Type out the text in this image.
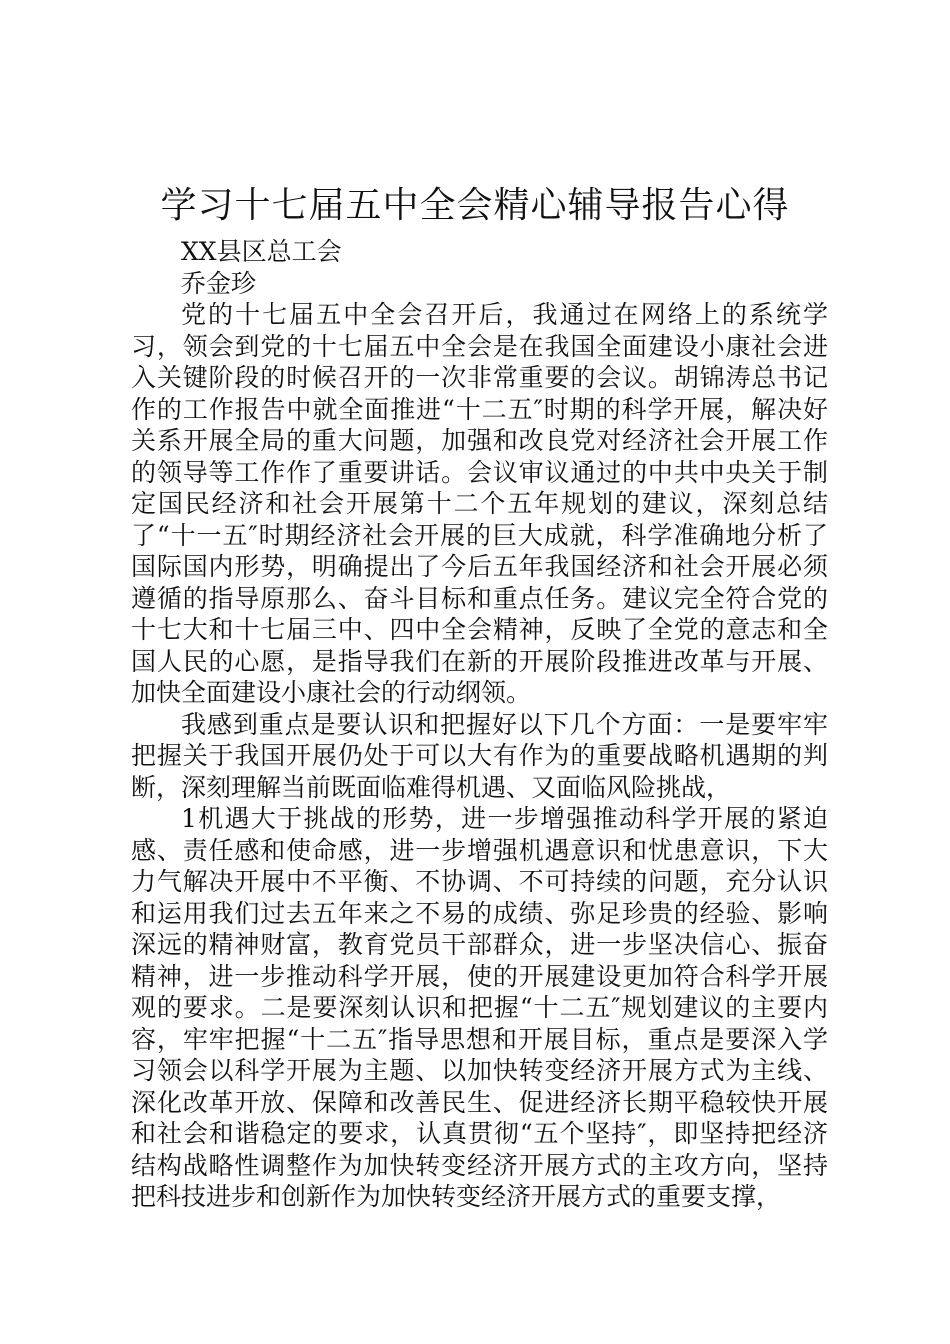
学习十七届五中全会精心辅导报告心得

XX县区总工会

乔金珍

党的十七届五中全会召开后，我通过在网络上的系统学习，领会到党的十七届五中全会是在我国全面建设小康社会进入关键阶段的时候召开的一次非常重要的会议。胡锦涛总书记作的工作报告中就全面推进“十二五″时期的科学开展，解决好关系开展全局的重大问题，加强和改良党对经济社会开展工作的领导等工作作了重要讲话。会议审议通过的中共中央关于制定国民经济和社会开展第十二个五年规划的建议，深刻总结了“十一五″时期经济社会开展的巨大成就，科学准确地分析了国际国内形势，明确提出了今后五年我国经济和社会开展必须遵循的指导原那么、奋斗目标和重点任务。建议完全符合党的十七大和十七届三中、四中全会精神，反映了全党的意志和全国人民的心愿，是指导我们在新的开展阶段推进改革与开展、加快全面建设小康社会的行动纲领。

我感到重点是要认识和把握好以下几个方面：一是要牢牢把握关于我国开展仍处于可以大有作为的重要战略机遇期的判断，深刻理解当前既面临难得机遇、又面临风险挑战，

1机遇大于挑战的形势，进一步增强推动科学开展的紧迫感、责任感和使命感，进一步增强机遇意识和忧患意识，下大力气解决开展中不平衡、不协调、不可持续的问题，充分认识和运用我们过去五年来之不易的成绩、弥足珍贵的经验、影响深远的精神财富，教育党员干部群众，进一步坚决信心、振奋精神，进一步推动科学开展，使的开展建设更加符合科学开展观的要求。二是要深刻认识和把握“十二五″规划建议的主要内容，牢牢把握“十二五″指导思想和开展目标，重点是要深入学习领会以科学开展为主题、以加快转变经济开展方式为主线、深化改革开放、保障和改善民生、促进经济长期平稳较快开展和社会和谐稳定的要求，认真贯彻“五个坚持″，即坚持把经济结构战略性调整作为加快转变经济开展方式的主攻方向，坚持把科技进步和创新作为加快转变经济开展方式的重要支撑，
